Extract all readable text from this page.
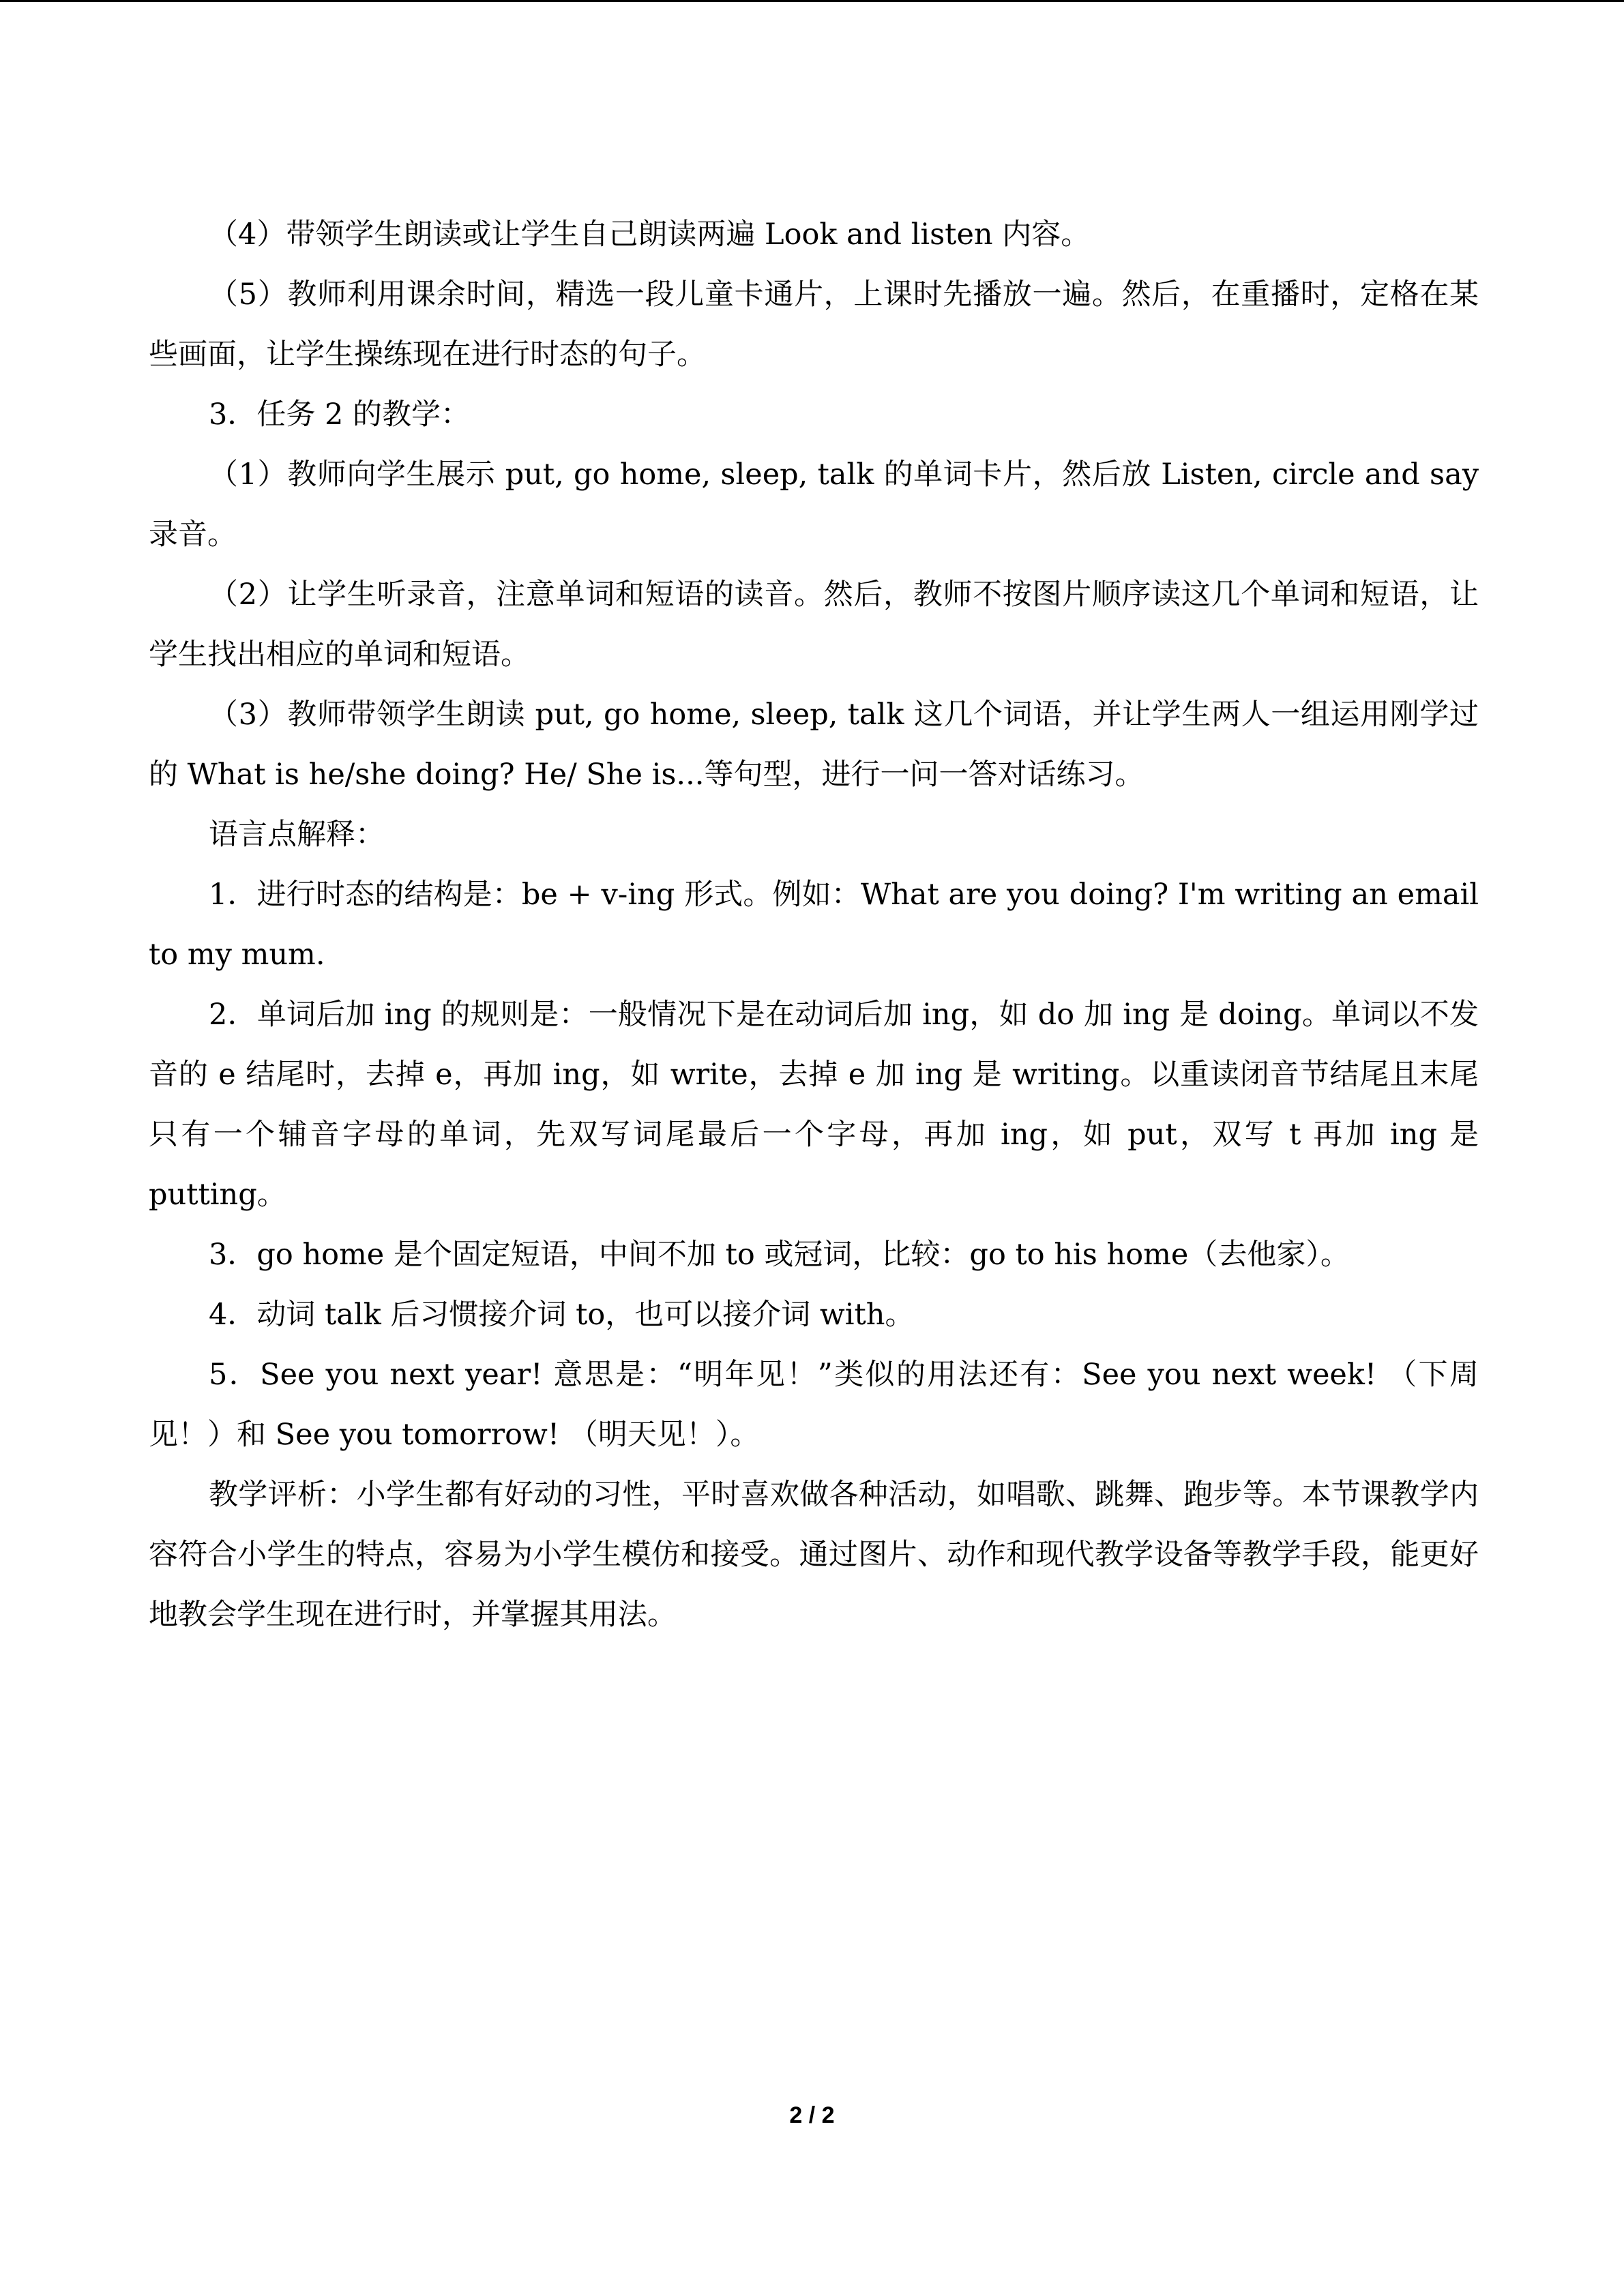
（4）带领学生朗读或让学生自己朗读两遍 Look and listen 内容。

（5）教师利用课余时间，精选一段儿童卡通片，上课时先播放一遍。然后，在重播时，定格在某些画面，让学生操练现在进行时态的句子。

3．任务 2 的教学：

（1）教师向学生展示 put, go home, sleep, talk 的单词卡片，然后放 Listen, circle and say 录音。

（2）让学生听录音，注意单词和短语的读音。然后，教师不按图片顺序读这几个单词和短语，让学生找出相应的单词和短语。

（3）教师带领学生朗读 put, go home, sleep, talk 这几个词语，并让学生两人一组运用刚学过的 What is he/she doing? He/ She is...等句型，进行一问一答对话练习。

语言点解释：

1．进行时态的结构是：be + v-ing 形式。例如：What are you doing? I'm writing an email to my mum.

2．单词后加 ing 的规则是：一般情况下是在动词后加 ing，如 do 加 ing 是 doing。单词以不发音的 e 结尾时，去掉 e，再加 ing，如 write，去掉 e 加 ing 是 writing。以重读闭音节结尾且末尾只有一个辅音字母的单词，先双写词尾最后一个字母，再加 ing，如 put，双写 t 再加 ing 是 putting。

3．go home 是个固定短语，中间不加 to 或冠词，比较：go to his home（去他家）。

4．动词 talk 后习惯接介词 to，也可以接介词 with。

5．See you next year! 意思是：“明年见！”类似的用法还有：See you next week! （下周见！）和 See you tomorrow! （明天见！）。

教学评析：小学生都有好动的习性，平时喜欢做各种活动，如唱歌、跳舞、跑步等。本节课教学内容符合小学生的特点，容易为小学生模仿和接受。通过图片、动作和现代教学设备等教学手段，能更好地教会学生现在进行时，并掌握其用法。

2 / 2
